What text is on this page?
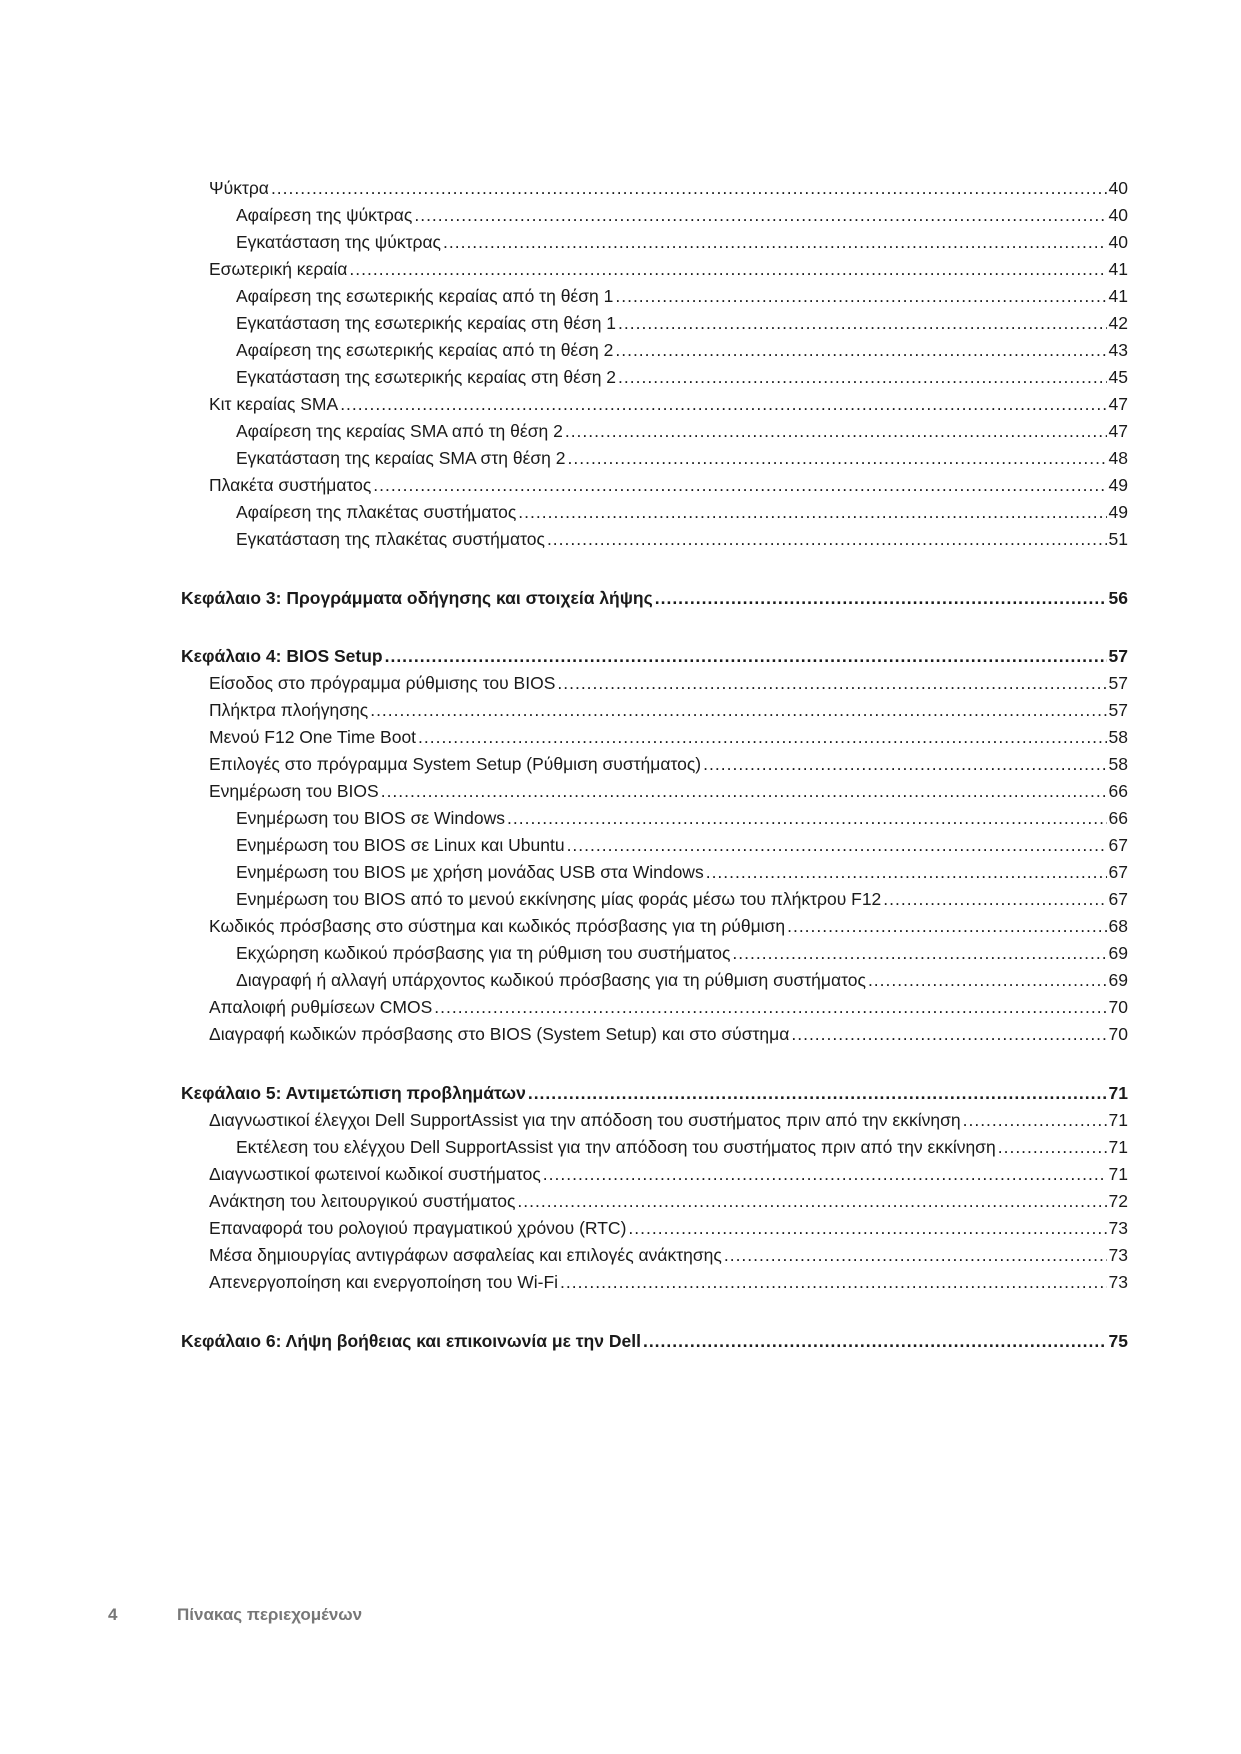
Ψύκτρα .....	40
Αφαίρεση της ψύκτρας .....	40
Εγκατάσταση της ψύκτρας .....	40
Εσωτερική κεραία .....	41
Αφαίρεση της εσωτερικής κεραίας από τη θέση 1 .....	41
Εγκατάσταση της εσωτερικής κεραίας στη θέση 1 .....	42
Αφαίρεση της εσωτερικής κεραίας από τη θέση 2 .....	43
Εγκατάσταση της εσωτερικής κεραίας στη θέση 2 .....	45
Κιτ κεραίας SMA .....	47
Αφαίρεση της κεραίας SMA από τη θέση 2 .....	47
Εγκατάσταση της κεραίας SMA στη θέση 2 .....	48
Πλακέτα συστήματος .....	49
Αφαίρεση της πλακέτας συστήματος .....	49
Εγκατάσταση της πλακέτας συστήματος .....	51
Κεφάλαιο 3: Προγράμματα οδήγησης και στοιχεία λήψης .....	56
Κεφάλαιο 4: BIOS Setup .....	57
Είσοδος στο πρόγραμμα ρύθμισης του BIOS .....	57
Πλήκτρα πλοήγησης .....	57
Μενού F12 One Time Boot .....	58
Επιλογές στο πρόγραμμα System Setup (Ρύθμιση συστήματος) .....	58
Ενημέρωση του BIOS .....	66
Ενημέρωση του BIOS σε Windows .....	66
Ενημέρωση του BIOS σε Linux και Ubuntu .....	67
Ενημέρωση του BIOS με χρήση μονάδας USB στα Windows .....	67
Ενημέρωση του BIOS από το μενού εκκίνησης μίας φοράς μέσω του πλήκτρου F12 .....	67
Κωδικός πρόσβασης στο σύστημα και κωδικός πρόσβασης για τη ρύθμιση .....	68
Εκχώρηση κωδικού πρόσβασης για τη ρύθμιση του συστήματος .....	69
Διαγραφή ή αλλαγή υπάρχοντος κωδικού πρόσβασης για τη ρύθμιση συστήματος .....	69
Απαλοιφή ρυθμίσεων CMOS .....	70
Διαγραφή κωδικών πρόσβασης στο BIOS (System Setup) και στο σύστημα .....	70
Κεφάλαιο 5: Αντιμετώπιση προβλημάτων .....	71
Διαγνωστικοί έλεγχοι Dell SupportAssist για την απόδοση του συστήματος πριν από την εκκίνηση .....	71
Εκτέλεση του ελέγχου Dell SupportAssist για την απόδοση του συστήματος πριν από την εκκίνηση .....	71
Διαγνωστικοί φωτεινοί κωδικοί συστήματος .....	71
Ανάκτηση του λειτουργικού συστήματος .....	72
Επαναφορά του ρολογιού πραγματικού χρόνου (RTC) .....	73
Μέσα δημιουργίας αντιγράφων ασφαλείας και επιλογές ανάκτησης .....	73
Απενεργοποίηση και ενεργοποίηση του Wi-Fi .....	73
Κεφάλαιο 6: Λήψη βοήθειας και επικοινωνία με την Dell .....	75
4	Πίνακας περιεχομένων
